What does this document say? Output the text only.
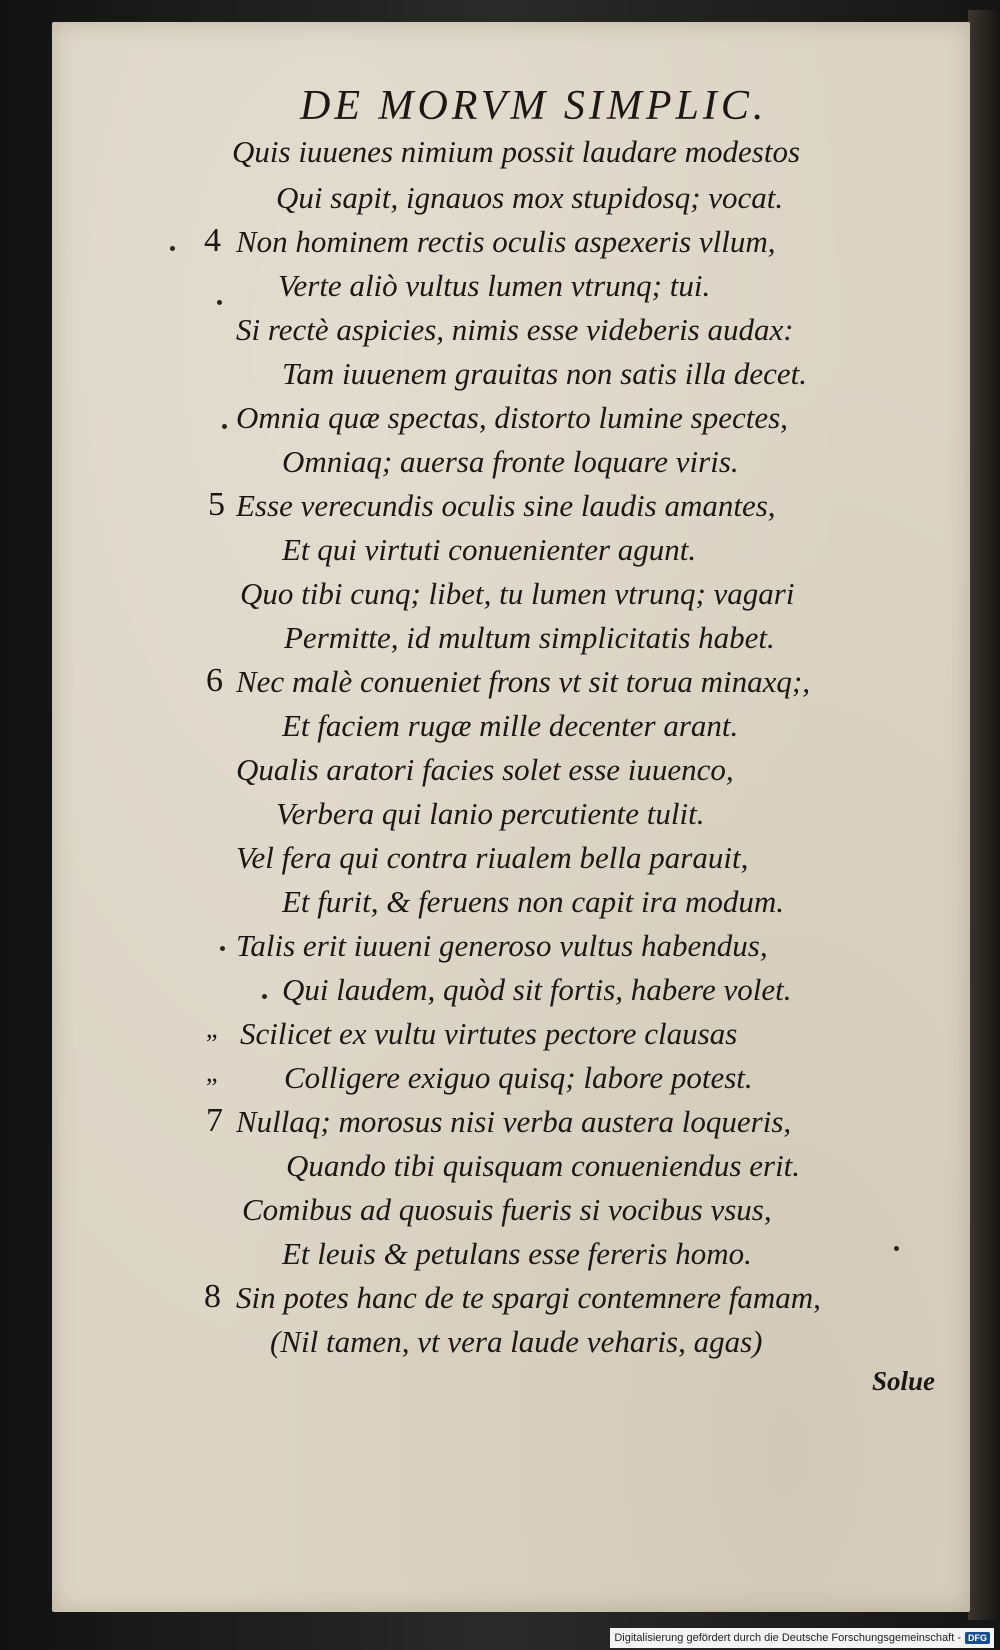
DE MORVM SIMPLIC.
Quis iuuenes nimium possit laudare modestos
Qui sapit, ignauos mox stupidosq; vocat.
Non hominem rectis oculis aspexeris vllum,
Verte aliò vultus lumen vtrunq; tui.
Si rectè aspicies, nimis esse videberis audax:
Tam iuuenem grauitas non satis illa decet.
Omnia quæ spectas, distorto lumine spectes,
Omniaq; auersa fronte loquare viris.
Esse verecundis oculis sine laudis amantes,
Et qui virtuti conuenienter agunt.
Quo tibi cunq; libet, tu lumen vtrunq; vagari
Permitte, id multum simplicitatis habet.
Nec malè conueniet frons vt sit torua minaxq;,
Et faciem rugæ mille decenter arant.
Qualis aratori facies solet esse iuuenco,
Verbera qui lanio percutiente tulit.
Vel fera qui contra riualem bella parauit,
Et furit, & feruens non capit ira modum.
Talis erit iuueni generoso vultus habendus,
Qui laudem, quòd sit fortis, habere volet.
Scilicet ex vultu virtutes pectore clausas
Colligere exiguo quisq; labore potest.
Nullaq; morosus nisi verba austera loqueris,
Quando tibi quisquam conueniendus erit.
Comibus ad quosuis fueris si vocibus vsus,
Et leuis & petulans esse fereris homo.
Sin potes hanc de te spargi contemnere famam,
(Nil tamen, vt vera laude veharis, agas)
4
5
6
7
8
„
„
Solue
Digitalisierung gefördert durch die Deutsche Forschungsgemeinschaft - DFG
